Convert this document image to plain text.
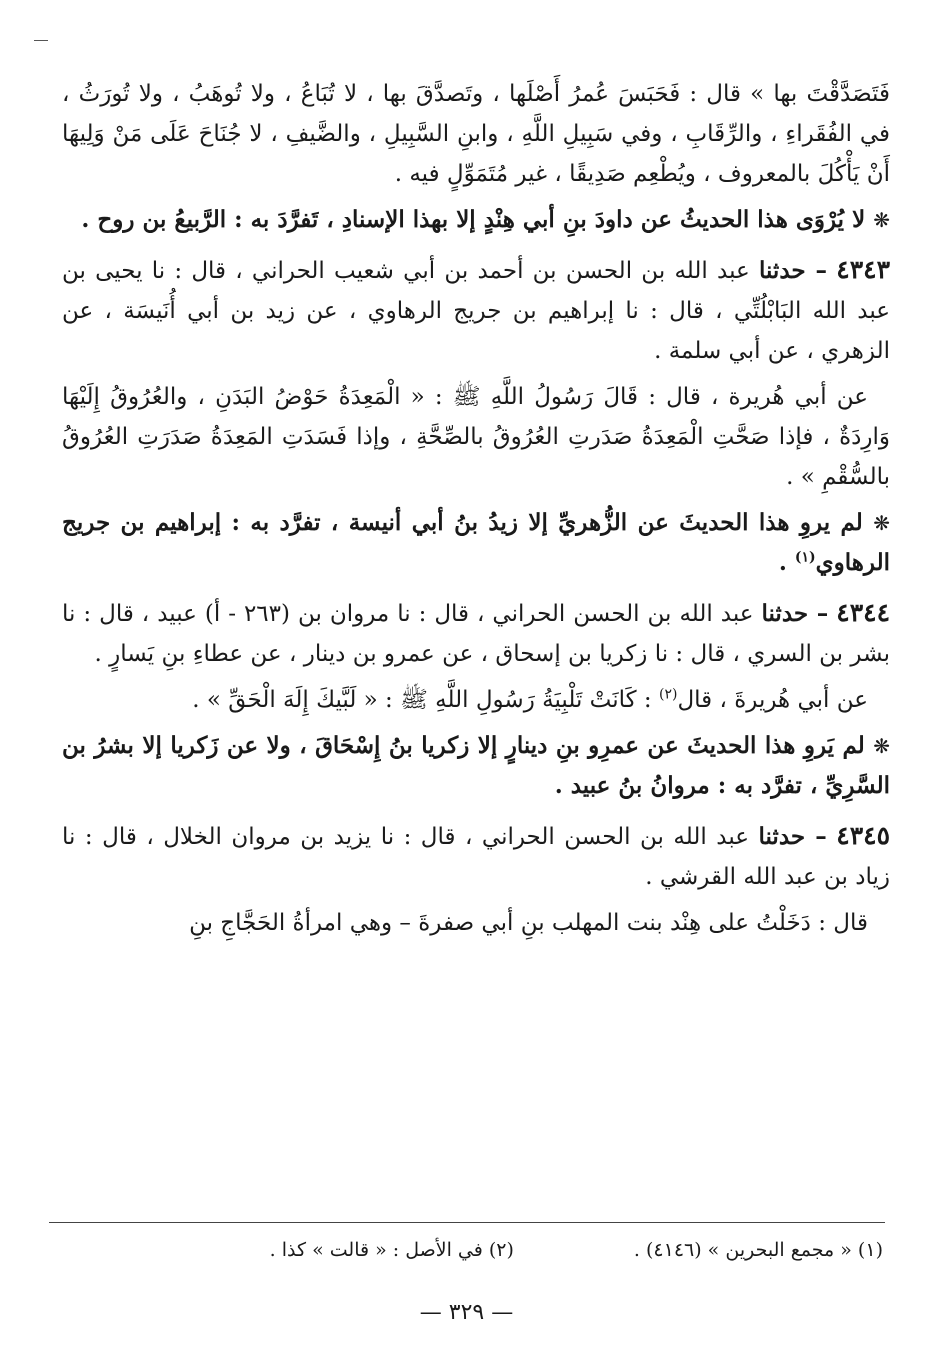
فَتَصَدَّقْتَ بها » قال : فَحَبَسَ عُمرُ أَصْلَها ، وتَصدَّقَ بها ، لا تُبَاعُ ، ولا تُوهَبُ ، ولا تُورَثُ ، في الفُقَراءِ ، والرِّقَابِ ، وفي سَبِيلِ اللَّهِ ، وابنِ السَّبِيلِ ، والضَّيفِ ، لا جُنَاحَ عَلَى مَنْ وَلِيهَا أَنْ يَأْكُلَ بالمعروف ، ويُطْعِم صَدِيقًا ، غير مُتَمَوِّلٍ فيه .

❋ لا يُرْوَى هذا الحديثُ عن داودَ بنِ أبي هِنْدٍ إلا بهذا الإسنادِ ، تَفرَّدَ به : الرَّبيعُ بن روح .

٤٣٤٣ – حدثنا عبد الله بن الحسن بن أحمد بن أبي شعيب الحراني ، قال : نا يحيى بن عبد الله البَابْلُتِّي ، قال : نا إبراهيم بن جريج الرهاوي ، عن زيد بن أبي أُنَيسَة ، عن الزهري ، عن أبي سلمة .

عن أبي هُريرة ، قال : قَالَ رَسُولُ اللَّهِ ﷺ : « الْمَعِدَةُ حَوْضُ البَدَنِ ، والعُرُوقُ إِلَيْهَا وَارِدَةٌ ، فإذا صَحَّتِ الْمَعِدَةُ صَدَرتِ العُرُوقُ بالصِّحَّةِ ، وإذا فَسَدَتِ المَعِدَةُ صَدَرَتِ العُرُوقُ بالسُّقْمِ » .

❋ لم يروِ هذا الحديثَ عن الزُّهريِّ إلا زيدُ بنُ أبي أنيسة ، تفرَّد به : إبراهيم بن جريج الرهاوي$^{(١)}$ .

٤٣٤٤ – حدثنا عبد الله بن الحسن الحراني ، قال : نا مروان بن (٢٦٣ - أ) عبيد ، قال : نا بشر بن السري ، قال : نا زكريا بن إسحاق ، عن عمرو بن دينار ، عن عطاءِ بنِ يَسارٍ .

عن أبي هُريرةَ ، قال$^{(٢)}$ : كَانَتْ تَلْبِيَةُ رَسُولِ اللَّهِ ﷺ : « لَبَّيكَ إِلَهَ الْحَقِّ » .

❋ لم يَروِ هذا الحديثَ عن عمرِو بنِ دينارٍ إلا زكريا بنُ إِسْحَاقَ ، ولا عن زَكريا إلا بشرُ بن السَّرِيِّ ، تفرَّد به : مروانُ بنُ عبيد .

٤٣٤٥ – حدثنا عبد الله بن الحسن الحراني ، قال : نا يزيد بن مروان الخلال ، قال : نا زياد بن عبد الله القرشي .

قال : دَخَلْتُ على هِنْد بنت المهلب بنِ أبي صفرةَ – وهي امرأةُ الحَجَّاجِ بنِ

(١) « مجمع البحرين » (٤١٤٦) .
(٢) في الأصل : « قالت » كذا .
— ٣٢٩ —
